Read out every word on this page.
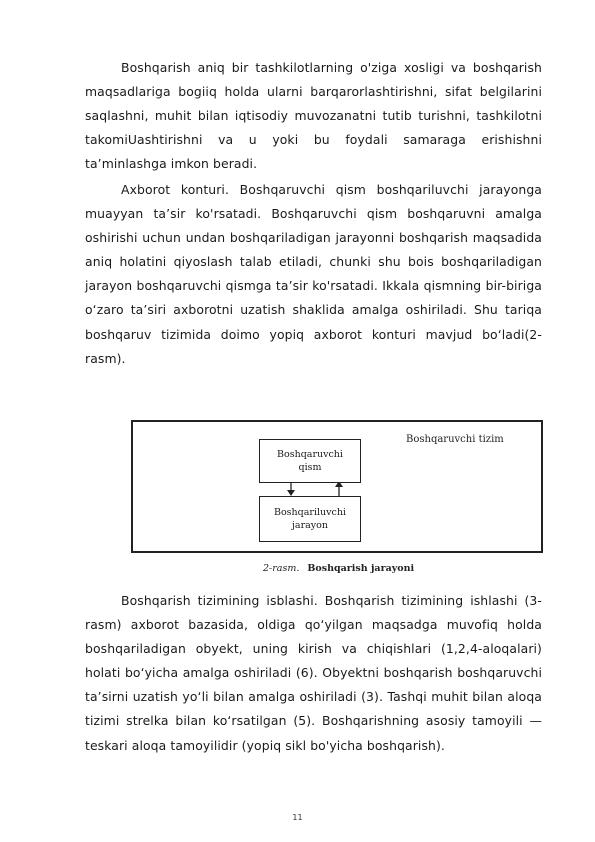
Boshqarish aniq bir tashkilotlarning o'ziga xosligi va boshqarish maqsadlariga bogiiq holda ularni barqarorlashtirishni, sifat belgilarini saqlashni, muhit bilan iqtisodiy muvozanatni tutib turishni, tashkilotni takomiUashtirishni va u yoki bu foydali samaraga erishishni ta’minlashga imkon beradi.
Axborot konturi. Boshqaruvchi qism boshqariluvchi jarayonga muayyan ta’sir ko'rsatadi. Boshqaruvchi qism boshqaruvni amalga oshirishi uchun undan boshqariladigan jarayonni boshqarish maqsadida aniq holatini qiyoslash talab etiladi, chunki shu bois boshqariladigan jarayon boshqaruvchi qismga ta’sir ko'rsatadi. Ikkala qismning bir-biriga o‘zaro ta’siri axborotni uzatish shaklida amalga oshiriladi. Shu tariqa boshqaruv tizimida doimo yopiq axborot konturi mavjud bo‘ladi(2-rasm).
Boshqaruvchi
qism
Boshqariluvchi
jarayon
Boshqaruvchi tizim
2-rasm. Boshqarish jarayoni
Boshqarish tizimining isblashi. Boshqarish tizimining ishlashi (3-rasm) axborot bazasida, oldiga qo‘yilgan maqsadga muvofiq holda boshqariladigan obyekt, uning kirish va chiqishlari (1,2,4-aloqalari) holati bo‘yicha amalga oshiriladi (6). Obyektni boshqarish boshqaruvchi ta’sirni uzatish yo‘li bilan amalga oshiriladi (3). Tashqi muhit bilan aloqa tizimi strelka bilan ko‘rsatilgan (5). Boshqarishning asosiy tamoyili — teskari aloqa tamoyilidir (yopiq sikl bo'yicha boshqarish).
11
